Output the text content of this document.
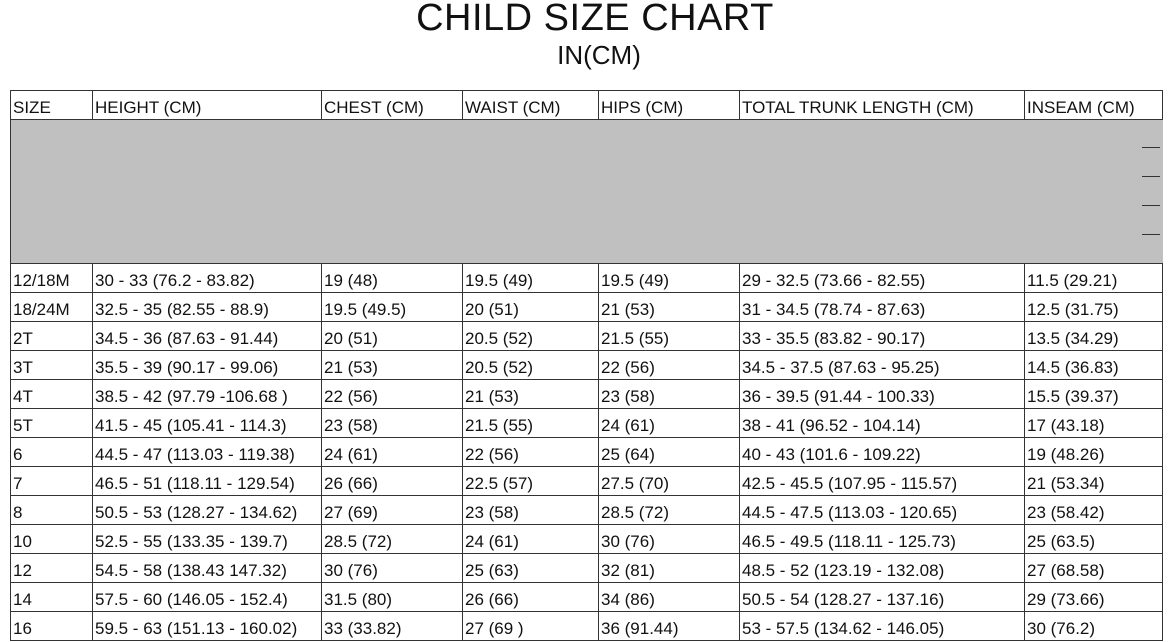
CHILD SIZE CHART
IN(CM)
SIZE	HEIGHT (CM)	CHEST (CM)	WAIST (CM)	HIPS (CM)	TOTAL TRUNK LENGTH (CM)	INSEAM (CM)

12/18M	30 - 33 (76.2 - 83.82)	19 (48)	19.5 (49)	19.5 (49)	29 - 32.5 (73.66 - 82.55)	11.5 (29.21)
18/24M	32.5 - 35 (82.55 - 88.9)	19.5 (49.5)	20 (51)	21 (53)	31 - 34.5 (78.74 - 87.63)	12.5 (31.75)
2T	34.5 - 36 (87.63 - 91.44)	20 (51)	20.5 (52)	21.5 (55)	33 - 35.5 (83.82 - 90.17)	13.5 (34.29)
3T	35.5 - 39 (90.17 - 99.06)	21 (53)	20.5 (52)	22 (56)	34.5 - 37.5 (87.63 - 95.25)	14.5 (36.83)
4T	38.5 - 42 (97.79 -106.68 )	22 (56)	21 (53)	23 (58)	36 - 39.5 (91.44 - 100.33)	15.5 (39.37)
5T	41.5 - 45 (105.41 - 114.3)	23 (58)	21.5 (55)	24 (61)	38 - 41 (96.52 - 104.14)	17 (43.18)
6	44.5 - 47 (113.03 - 119.38)	24 (61)	22 (56)	25 (64)	40 - 43 (101.6 - 109.22)	19 (48.26)
7	46.5 - 51 (118.11 - 129.54)	26 (66)	22.5 (57)	27.5 (70)	42.5 - 45.5 (107.95 - 115.57)	21 (53.34)
8	50.5 - 53 (128.27 - 134.62)	27 (69)	23 (58)	28.5 (72)	44.5 - 47.5 (113.03 - 120.65)	23 (58.42)
10	52.5 - 55 (133.35 - 139.7)	28.5 (72)	24 (61)	30 (76)	46.5 - 49.5 (118.11 - 125.73)	25 (63.5)
12	54.5 - 58 (138.43 147.32)	30 (76)	25 (63)	32 (81)	48.5 - 52 (123.19 - 132.08)	27 (68.58)
14	57.5 - 60 (146.05 - 152.4)	31.5 (80)	26 (66)	34 (86)	50.5 - 54 (128.27 - 137.16)	29 (73.66)
16	59.5 - 63 (151.13 - 160.02)	33 (33.82)	27 (69 )	36 (91.44)	53 - 57.5 (134.62 - 146.05)	30 (76.2)
